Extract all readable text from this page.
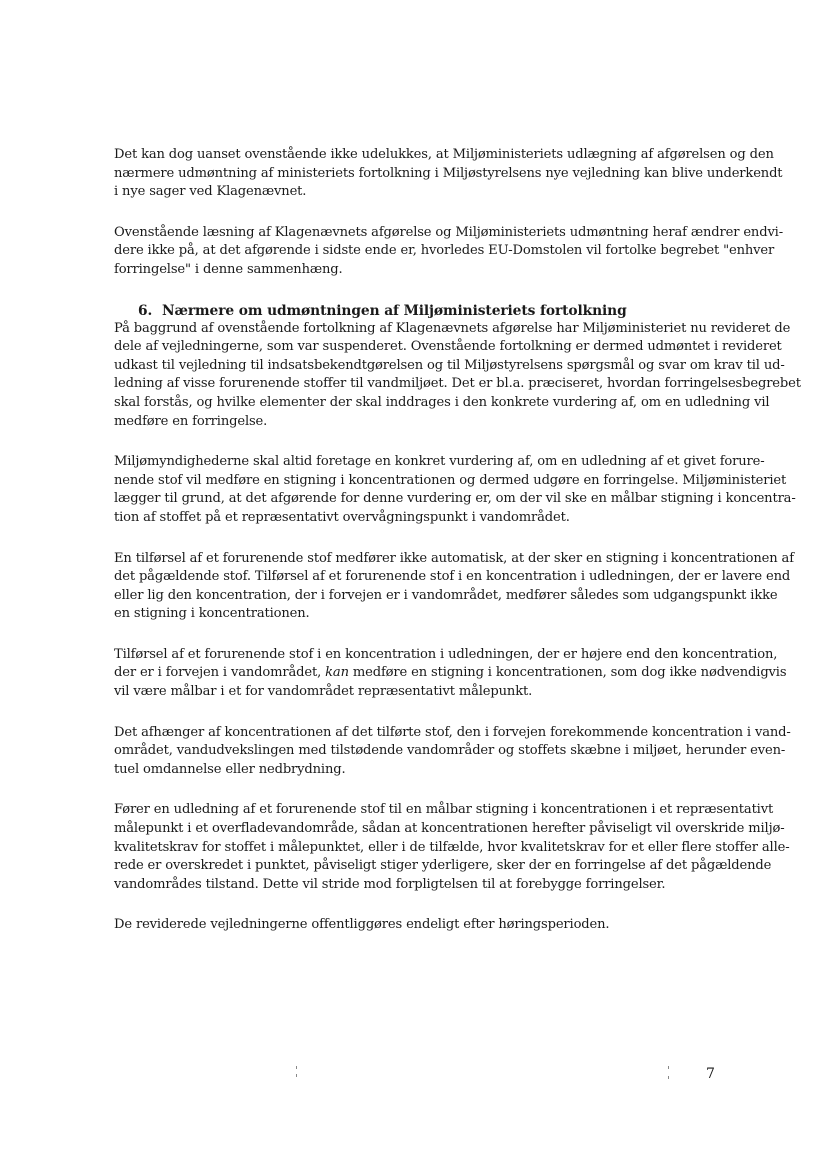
Det kan dog uanset ovenstående ikke udelukkes, at Miljøministeriets udlægning af afgørelsen og den
nærmere udmøntning af ministeriets fortolkning i Miljøstyrelsens nye vejledning kan blive underkendt
i nye sager ved Klagenævnet.

Ovenstående læsning af Klagenævnets afgørelse og Miljøministeriets udmøntning heraf ændrer endvi-
dere ikke på, at det afgørende i sidste ende er, hvorledes EU-Domstolen vil fortolke begrebet "enhver
forringelse" i denne sammenhæng.

6. Nærmere om udmøntningen af Miljøministeriets fortolkning

På baggrund af ovenstående fortolkning af Klagenævnets afgørelse har Miljøministeriet nu revideret de
dele af vejledningerne, som var suspenderet. Ovenstående fortolkning er dermed udmøntet i revideret
udkast til vejledning til indsatsbekendtgørelsen og til Miljøstyrelsens spørgsmål og svar om krav til ud-
ledning af visse forurenende stoffer til vandmiljøet. Det er bl.a. præciseret, hvordan forringelsesbegrebet
skal forstås, og hvilke elementer der skal inddrages i den konkrete vurdering af, om en udledning vil
medføre en forringelse.

Miljømyndighederne skal altid foretage en konkret vurdering af, om en udledning af et givet forure-
nende stof vil medføre en stigning i koncentrationen og dermed udgøre en forringelse. Miljøministeriet
lægger til grund, at det afgørende for denne vurdering er, om der vil ske en målbar stigning i koncentra-
tion af stoffet på et repræsentativt overvågningspunkt i vandområdet.

En tilførsel af et forurenende stof medfører ikke automatisk, at der sker en stigning i koncentrationen af
det pågældende stof. Tilførsel af et forurenende stof i en koncentration i udledningen, der er lavere end
eller lig den koncentration, der i forvejen er i vandområdet, medfører således som udgangspunkt ikke
en stigning i koncentrationen.

Tilførsel af et forurenende stof i en koncentration i udledningen, der er højere end den koncentration,
der er i forvejen i vandområdet, kan medføre en stigning i koncentrationen, som dog ikke nødvendigvis
vil være målbar i et for vandområdet repræsentativt målepunkt.

Det afhænger af koncentrationen af det tilførte stof, den i forvejen forekommende koncentration i vand-
området, vandudvekslingen med tilstødende vandområder og stoffets skæbne i miljøet, herunder even-
tuel omdannelse eller nedbrydning.

Fører en udledning af et forurenende stof til en målbar stigning i koncentrationen i et repræsentativt
målepunkt i et overfladevandområde, sådan at koncentrationen herefter påviseligt vil overskride miljø-
kvalitetskrav for stoffet i målepunktet, eller i de tilfælde, hvor kvalitetskrav for et eller flere stoffer alle-
rede er overskredet i punktet, påviseligt stiger yderligere, sker der en forringelse af det pågældende
vandområdes tilstand. Dette vil stride mod forpligtelsen til at forebygge forringelser.

De reviderede vejledningerne offentliggøres endeligt efter høringsperioden.

7
